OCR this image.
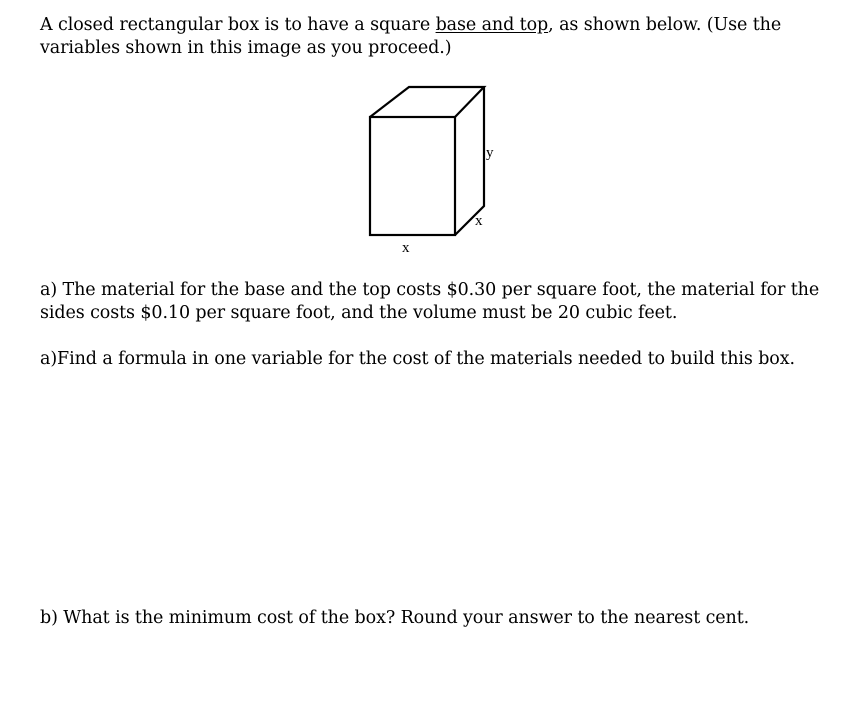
A closed rectangular box is to have a square base and top, as shown below. (Use the variables shown in this image as you proceed.)

y
x
x

a) The material for the base and the top costs $0.30 per square foot, the material for the sides costs $0.10 per square foot, and the volume must be 20 cubic feet.

a)Find a formula in one variable for the cost of the materials needed to build this box.

b) What is the minimum cost of the box? Round your answer to the nearest cent.
